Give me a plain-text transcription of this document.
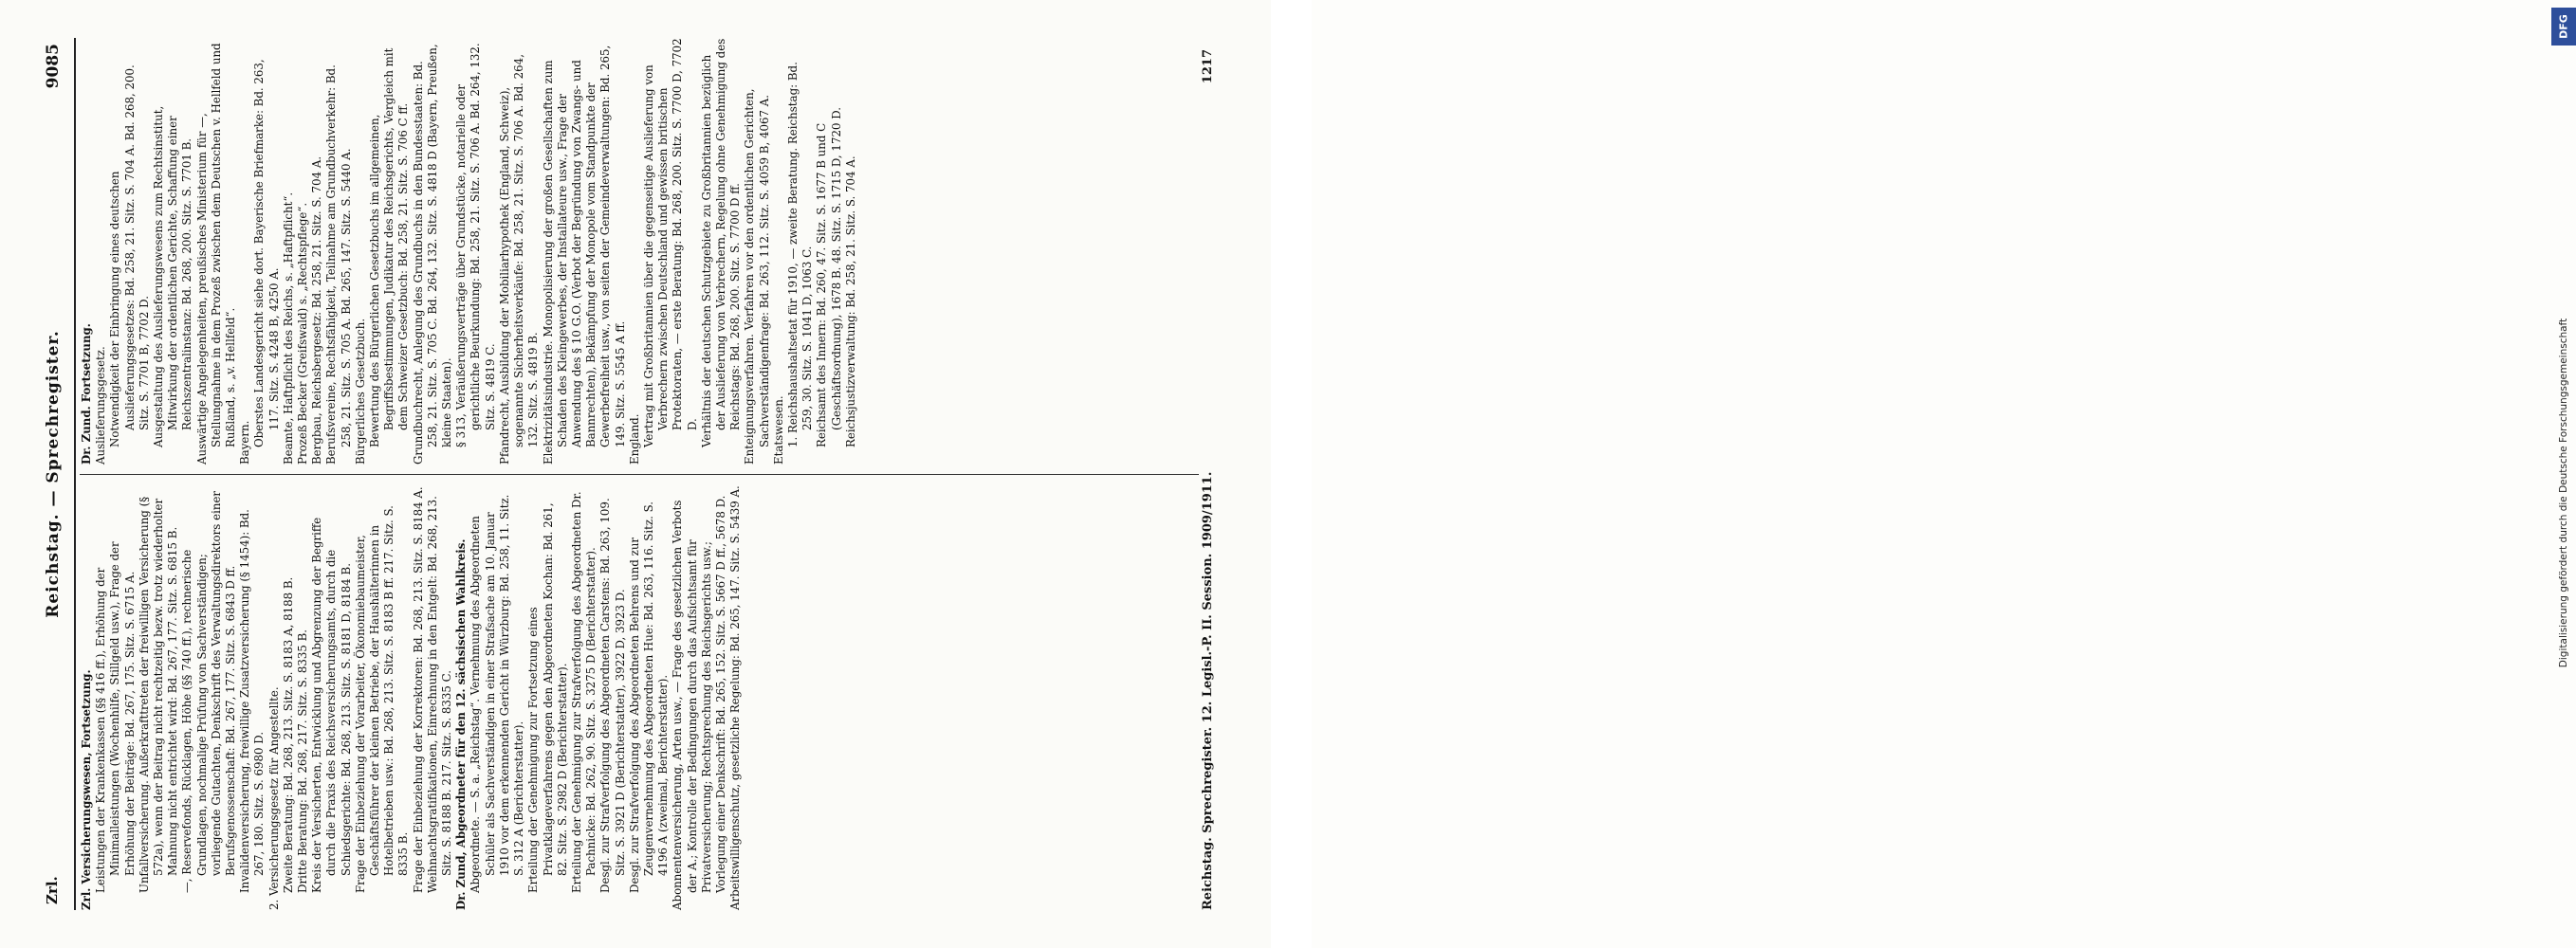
DFG
Digitalisierung gefördert durch die Deutsche Forschungsgemeinschaft
Zrl.
Reichstag. — Sprechregister.
9085

Zrl. Versicherungswesen, Fortsetzung. Leistungen der Krankenkassen (§§ 416 ff.), Erhöhung der Minimalleistungen (Wochenhilfe, Stillgeld usw.), Frage der Erhöhung der Beiträge: Bd. 267, 175. Sitz. S. 6715 A. Unfallversicherung. Außerkrafttreten der freiwilligen Versicherung (§ 572a), wenn der Beitrag nicht rechtzeitig bezw. trotz wiederholter Mahnung nicht entrichtet wird: Bd. 267, 177. Sitz. S. 6815 B. —, Reservefonds, Rücklagen, Höhe (§§ 740 ff.), rechnerische Grundlagen, nochmalige Prüfung von Sachverständigen; vorliegende Gutachten, Denkschrift des Verwaltungsdirektors einer Berufsgenossenschaft: Bd. 267, 177. Sitz. S. 6843 D ff. Invalidenversicherung, freiwillige Zusatzversicherung (§ 1454): Bd. 267, 180. Sitz. S. 6980 D. 2. Versicherungsgesetz für Angestellte. Zweite Beratung: Bd. 268, 213. Sitz. S. 8183 A, 8188 B. Dritte Beratung: Bd. 268, 217. Sitz. S. 8335 B. Kreis der Versicherten, Entwicklung und Abgrenzung der Begriffe durch die Praxis des Reichsversicherungsamts, durch die Schiedsgerichte: Bd. 268, 213. Sitz. S. 8181 D, 8184 B. Frage der Einbeziehung der Vorarbeiter, Ökonomiebaumeister, Geschäftsführer der kleinen Betriebe, der Haushälterinnen in Hotelbetrieben usw.: Bd. 268, 213. Sitz. S. 8183 B ff. 217. Sitz. S. 8335 B. Frage der Einbeziehung der Korrektoren: Bd. 268, 213. Sitz. S. 8184 A. Weihnachtsgratifikationen, Einrechnung in den Entgelt: Bd. 268, 213. Sitz. S. 8188 B. 217. Sitz. S. 8335 C. Dr. Zund, Abgeordneter für den 12. sächsischen Wahlkreis. Abgeordnete. — S. a. „Reichstag“. Vernehmung des Abgeordneten Schüler als Sachverständigen in einer Strafsache am 10. Januar 1910 vor dem erkennenden Gericht in Würzburg: Bd. 258, 11. Sitz. S. 312 A (Berichterstatter). Erteilung der Genehmigung zur Fortsetzung eines Privatklageverfahrens gegen den Abgeordneten Kochan: Bd. 261, 82. Sitz. S. 2982 D (Berichterstatter). Erteilung der Genehmigung zur Strafverfolgung des Abgeordneten Dr. Pachnicke: Bd. 262, 90. Sitz. S. 3275 D (Berichterstatter). Desgl. zur Strafverfolgung des Abgeordneten Carstens: Bd. 263, 109. Sitz. S. 3921 D (Berichterstatter), 3922 D, 3923 D. Desgl. zur Strafverfolgung des Abgeordneten Behrens und zur Zeugenvernehmung des Abgeordneten Hue: Bd. 263, 116. Sitz. S. 4196 A (zweimal, Berichterstatter). Abonnentenversicherung, Arten usw., — Frage des gesetzlichen Verbots der A.; Kontrolle der Bedingungen durch das Aufsichtsamt für Privatversicherung; Rechtsprechung des Reichsgerichts usw.; Vorlegung einer Denkschrift: Bd. 265, 152. Sitz. S. 5667 D ff., 5678 D. Arbeitswilligenschutz, gesetzliche Regelung: Bd. 265, 147. Sitz. S. 5439 A.

Dr. Zund. Fortsetzung. Auslieferungsgesetz. Notwendigkeit der Einbringung eines deutschen Auslieferungsgesetzes: Bd. 258, 21. Sitz. S. 704 A. Bd. 268, 200. Sitz. S. 7701 B, 7702 D. Ausgestaltung des Auslieferungswesens zum Rechtsinstitut, Mitwirkung der ordentlichen Gerichte, Schaffung einer Reichszentralinstanz: Bd. 268, 200. Sitz. S. 7701 B. Auswärtige Angelegenheiten, preußisches Ministerium für —, Stellungnahme in dem Prozeß zwischen dem Deutschen v. Hellfeld und Rußland, s. „v. Hellfeld“. Bayern. Oberstes Landesgericht siehe dort. Bayerische Briefmarke: Bd. 263, 117. Sitz. S. 4248 B, 4250 A. Beamte, Haftpflicht des Reichs, s. „Haftpflicht“. Prozeß Becker (Greifswald) s. „Rechtspflege“. Bergbau, Reichsbergesetz: Bd. 258, 21. Sitz. S. 704 A. Berufsvereine, Rechtsfähigkeit, Teilnahme am Grundbuchverkehr: Bd. 258, 21. Sitz. S. 705 A. Bd. 265, 147. Sitz. S. 5440 A. Bürgerliches Gesetzbuch. Bewertung des Bürgerlichen Gesetzbuchs im allgemeinen, Begriffsbestimmungen, Judikatur des Reichsgerichts, Vergleich mit dem Schweizer Gesetzbuch: Bd. 258, 21. Sitz. S. 706 C ff. Grundbuchrecht, Anlegung des Grundbuchs in den Bundesstaaten: Bd. 258, 21. Sitz. S. 705 C. Bd. 264, 132. Sitz. S. 4818 D (Bayern, Preußen, kleine Staaten). § 313, Veräußerungsverträge über Grundstücke, notarielle oder gerichtliche Beurkundung: Bd. 258, 21. Sitz. S. 706 A. Bd. 264, 132. Sitz. S. 4819 C. Pfandrecht, Ausbildung der Mobiliarhypothek (England, Schweiz), sogenannte Sicherheitsverkäufe: Bd. 258, 21. Sitz. S. 706 A. Bd. 264, 132. Sitz. S. 4819 B. Elektrizitätsindustrie. Monopolisierung der großen Gesellschaften zum Schaden des Kleingewerbes, der Installateure usw., Frage der Anwendung des § 10 G.O. (Verbot der Begründung von Zwangs- und Bannrechten), Bekämpfung der Monopole vom Standpunkte der Gewerbefreiheit usw., von seiten der Gemeindeverwaltungen: Bd. 265, 149. Sitz. S. 5545 A ff. England. Vertrag mit Großbritannien über die gegenseitige Auslieferung von Verbrechern zwischen Deutschland und gewissen britischen Protektoraten, — erste Beratung: Bd. 268, 200. Sitz. S. 7700 D, 7702 D. Verhältnis der deutschen Schutzgebiete zu Großbritannien bezüglich der Auslieferung von Verbrechern, Regelung ohne Genehmigung des Reichstags: Bd. 268, 200. Sitz. S. 7700 D ff. Enteignungsverfahren. Verfahren vor den ordentlichen Gerichten, Sachverständigenfrage: Bd. 263, 112. Sitz. S. 4059 B, 4067 A. Etatswesen. 1. Reichshaushaltsetat für 1910, — zweite Beratung. Reichstag: Bd. 259, 30. Sitz. S. 1041 D, 1063 C. Reichsamt des Innern: Bd. 260, 47. Sitz. S. 1677 B und C (Geschäftsordnung), 1678 B. 48. Sitz. S. 1715 D, 1720 D. Reichsjustizverwaltung: Bd. 258, 21. Sitz. S. 704 A.

Reichstag. Sprechregister. 12. Legisl.-P. II. Session. 1909/1911.
1217
